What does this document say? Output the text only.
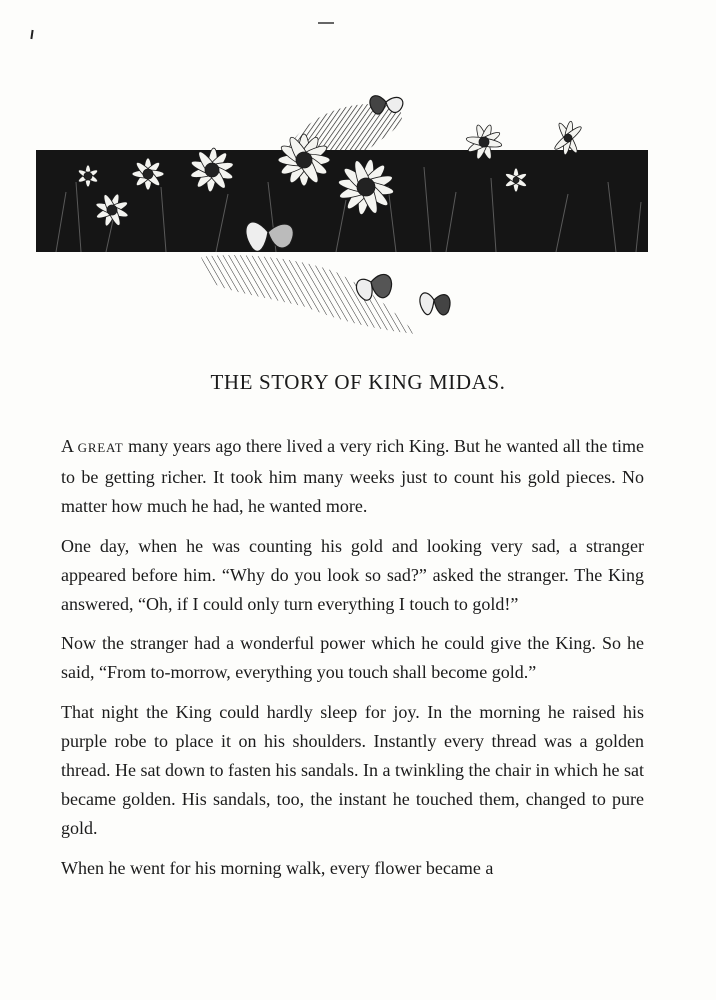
THE STORY OF KING MIDAS.

A GREAT many years ago there lived a very rich King. But he wanted all the time to be getting richer. It took him many weeks just to count his gold pieces. No matter how much he had, he wanted more.

One day, when he was counting his gold and looking very sad, a stranger appeared before him. “Why do you look so sad?” asked the stranger. The King answered, “Oh, if I could only turn everything I touch to gold!”

Now the stranger had a wonderful power which he could give the King. So he said, “From to-morrow, everything you touch shall become gold.”

That night the King could hardly sleep for joy. In the morning he raised his purple robe to place it on his shoulders. Instantly every thread was a golden thread. He sat down to fasten his sandals. In a twinkling the chair in which he sat became golden. His sandals, too, the instant he touched them, changed to pure gold.

When he went for his morning walk, every flower became a
